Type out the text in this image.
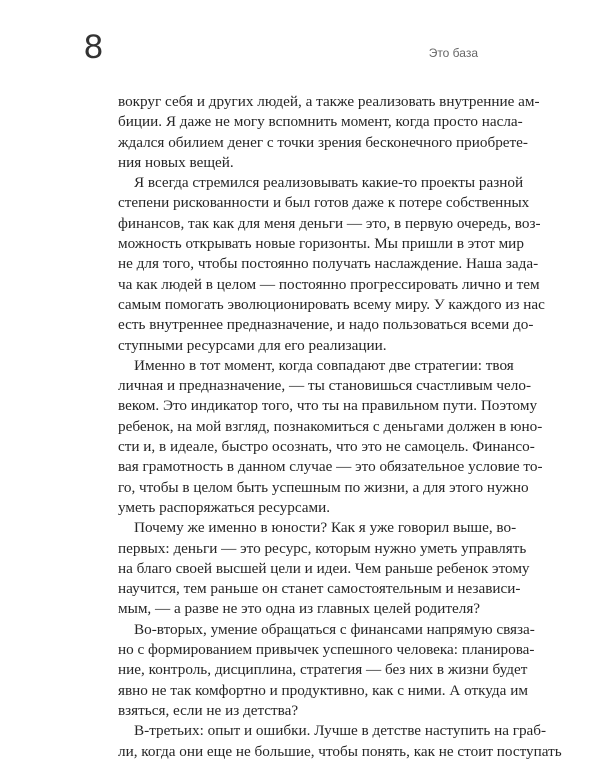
8	Это база
вокруг себя и других людей, а также реализовать внутренние ам-
биции. Я даже не могу вспомнить момент, когда просто насла-
ждался обилием денег с точки зрения бесконечного приобрете-
ния новых вещей.
Я всегда стремился реализовывать какие-то проекты разной
степени рискованности и был готов даже к потере собственных
финансов, так как для меня деньги — это, в первую очередь, воз-
можность открывать новые горизонты. Мы пришли в этот мир
не для того, чтобы постоянно получать наслаждение. Наша зада-
ча как людей в целом — постоянно прогрессировать лично и тем
самым помогать эволюционировать всему миру. У каждого из нас
есть внутреннее предназначение, и надо пользоваться всеми до-
ступными ресурсами для его реализации.
Именно в тот момент, когда совпадают две стратегии: твоя
личная и предназначение, — ты становишься счастливым чело-
веком. Это индикатор того, что ты на правильном пути. Поэтому
ребенок, на мой взгляд, познакомиться с деньгами должен в юно-
сти и, в идеале, быстро осознать, что это не самоцель. Финансо-
вая грамотность в данном случае — это обязательное условие то-
го, чтобы в целом быть успешным по жизни, а для этого нужно
уметь распоряжаться ресурсами.
Почему же именно в юности? Как я уже говорил выше, во-
первых: деньги — это ресурс, которым нужно уметь управлять
на благо своей высшей цели и идеи. Чем раньше ребенок этому
научится, тем раньше он станет самостоятельным и независи-
мым, — а разве не это одна из главных целей родителя?
Во-вторых, умение обращаться с финансами напрямую связа-
но с формированием привычек успешного человека: планирова-
ние, контроль, дисциплина, стратегия — без них в жизни будет
явно не так комфортно и продуктивно, как с ними. А откуда им
взяться, если не из детства?
В-третьих: опыт и ошибки. Лучше в детстве наступить на граб-
ли, когда они еще не большие, чтобы понять, как не стоит поступать
